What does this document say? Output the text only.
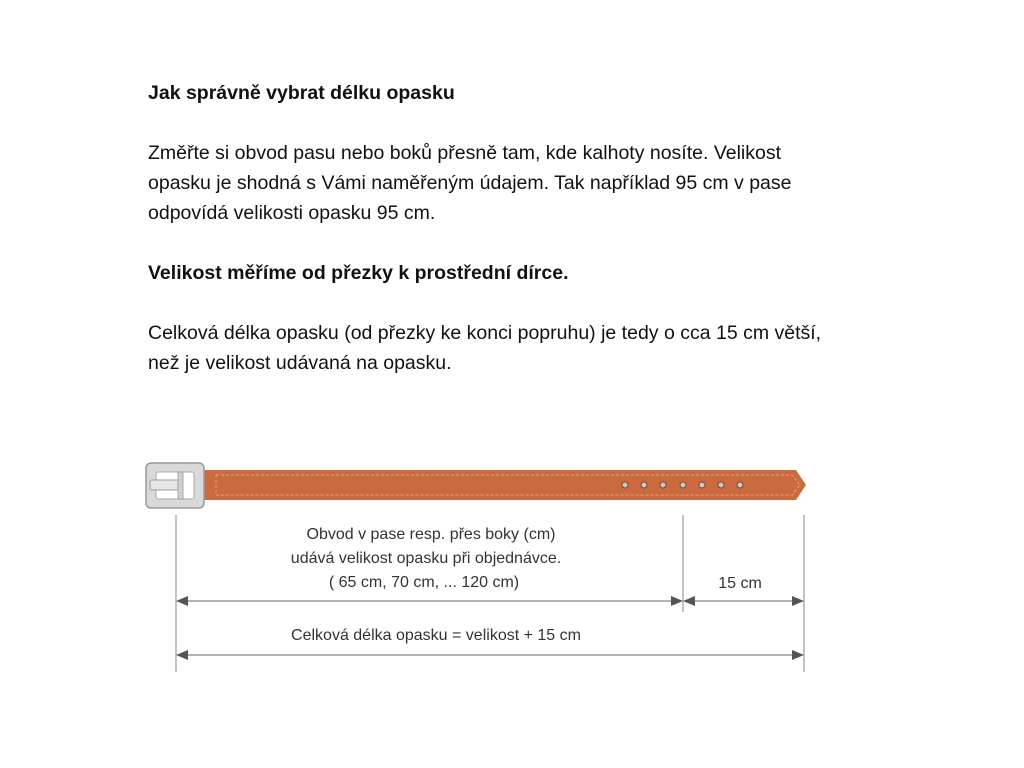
Jak správně vybrat délku opasku

Změřte si obvod pasu nebo boků přesně tam, kde kalhoty nosíte. Velikost

opasku je shodná s Vámi naměřeným údajem. Tak například 95 cm v pase

odpovídá velikosti opasku 95 cm.

Velikost měříme od přezky k prostřední dírce.

Celková délka opasku (od přezky ke konci popruhu) je tedy o cca 15 cm větší,

než je velikost udávaná na opasku.

Obvod v pase resp. přes boky (cm)
udává velikost opasku při objednávce.
( 65 cm, 70 cm, ... 120 cm)	15 cm
Celková délka opasku = velikost + 15 cm
